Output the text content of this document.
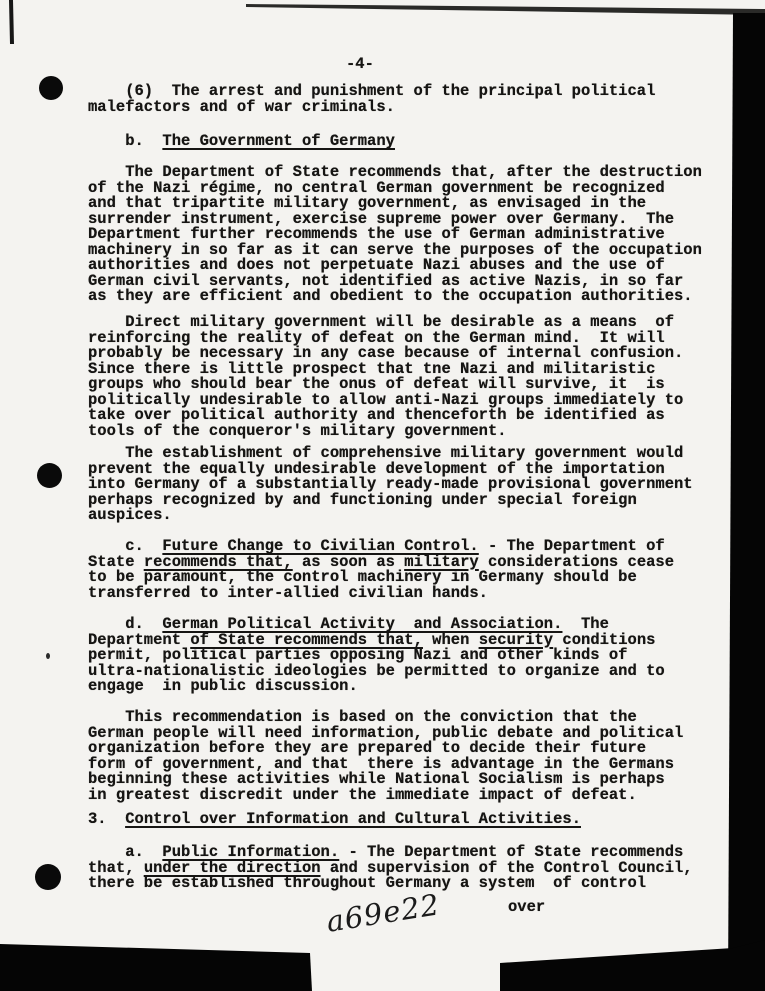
-4-
(6)  The arrest and punishment of the principal political
malefactors and of war criminals.
b.  The Government of Germany
The Department of State recommends that, after the destruction
of the Nazi régime, no central German government be recognized
and that tripartite military government, as envisaged in the
surrender instrument, exercise supreme power over Germany.  The
Department further recommends the use of German administrative
machinery in so far as it can serve the purposes of the occupation
authorities and does not perpetuate Nazi abuses and the use of
German civil servants, not identified as active Nazis, in so far
as they are efficient and obedient to the occupation authorities.
Direct military government will be desirable as a means  of
reinforcing the reality of defeat on the German mind.  It will
probably be necessary in any case because of internal confusion.
Since there is little prospect that tne Nazi and militaristic
groups who should bear the onus of defeat will survive, it  is
politically undesirable to allow anti-Nazi groups immediately to
take over political authority and thenceforth be identified as
tools of the conqueror's military government.
The establishment of comprehensive military government would
prevent the equally undesirable development of the importation
into Germany of a substantially ready-made provisional government
perhaps recognized by and functioning under special foreign
auspices.
c.  Future Change to Civilian Control. - The Department of
State recommends that, as soon as military considerations cease
to be paramount, the control machinery in Germany should be
transferred to inter-allied civilian hands.
d.  German Political Activity  and Association.  The
Department of State recommends that, when security conditions
permit, political parties opposing Nazi and other kinds of
ultra-nationalistic ideologies be permitted to organize and to
engage  in public discussion.
This recommendation is based on the conviction that the
German people will need information, public debate and political
organization before they are prepared to decide their future
form of government, and that  there is advantage in the Germans
beginning these activities while National Socialism is perhaps
in greatest discredit under the immediate impact of defeat.
3.  Control over Information and Cultural Activities.
a.  Public Information. - The Department of State recommends
that, under the direction and supervision of the Control Council,
there be established throughout Germany a system  of control
over
a69e22
